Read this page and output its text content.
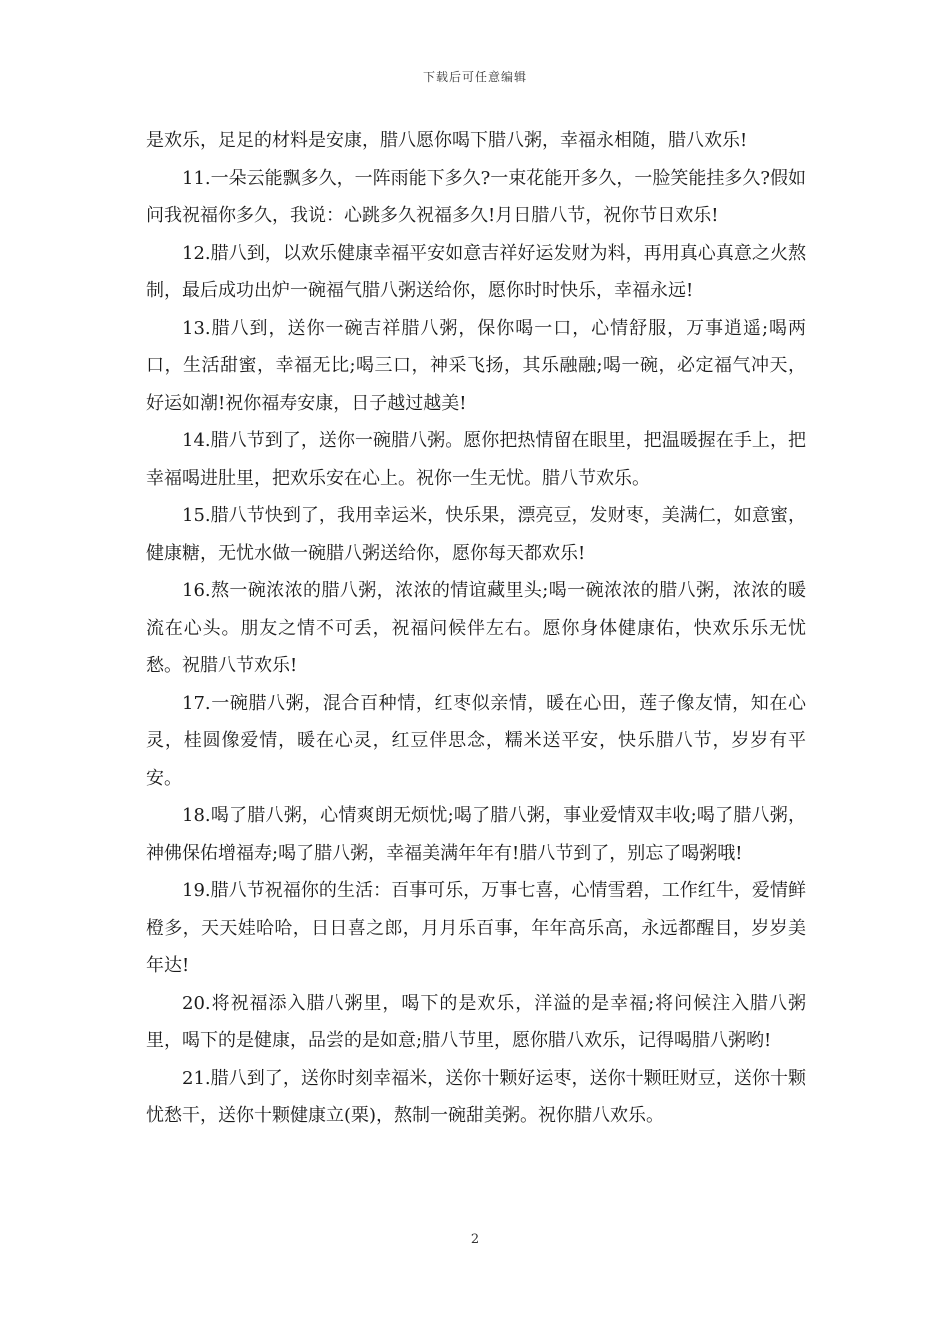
下载后可任意编辑

是欢乐，足足的材料是安康，腊八愿你喝下腊八粥，幸福永相随，腊八欢乐!

11.一朵云能飘多久，一阵雨能下多久?一束花能开多久，一脸笑能挂多久?假如问我祝福你多久，我说：心跳多久祝福多久!月日腊八节，祝你节日欢乐!

12.腊八到，以欢乐健康幸福平安如意吉祥好运发财为料，再用真心真意之火熬制，最后成功出炉一碗福气腊八粥送给你，愿你时时快乐，幸福永远!

13.腊八到，送你一碗吉祥腊八粥，保你喝一口，心情舒服，万事逍遥;喝两口，生活甜蜜，幸福无比;喝三口，神采飞扬，其乐融融;喝一碗，必定福气冲天，好运如潮!祝你福寿安康，日子越过越美!

14.腊八节到了，送你一碗腊八粥。愿你把热情留在眼里，把温暖握在手上，把幸福喝进肚里，把欢乐安在心上。祝你一生无忧。腊八节欢乐。

15.腊八节快到了，我用幸运米，快乐果，漂亮豆，发财枣，美满仁，如意蜜，健康糖，无忧水做一碗腊八粥送给你，愿你每天都欢乐!

16.熬一碗浓浓的腊八粥，浓浓的情谊藏里头;喝一碗浓浓的腊八粥，浓浓的暖流在心头。朋友之情不可丢，祝福问候伴左右。愿你身体健康佑，快欢乐乐无忧愁。祝腊八节欢乐!

17.一碗腊八粥，混合百种情，红枣似亲情，暖在心田，莲子像友情，知在心灵，桂圆像爱情，暖在心灵，红豆伴思念，糯米送平安，快乐腊八节，岁岁有平安。

18.喝了腊八粥，心情爽朗无烦忧;喝了腊八粥，事业爱情双丰收;喝了腊八粥，神佛保佑增福寿;喝了腊八粥，幸福美满年年有!腊八节到了，别忘了喝粥哦!

19.腊八节祝福你的生活：百事可乐，万事七喜，心情雪碧，工作红牛，爱情鲜橙多，天天娃哈哈，日日喜之郎，月月乐百事，年年高乐高，永远都醒目，岁岁美年达!

20.将祝福添入腊八粥里，喝下的是欢乐，洋溢的是幸福;将问候注入腊八粥里，喝下的是健康，品尝的是如意;腊八节里，愿你腊八欢乐，记得喝腊八粥哟!

21.腊八到了，送你时刻幸福米，送你十颗好运枣，送你十颗旺财豆，送你十颗忧愁干，送你十颗健康立(栗)，熬制一碗甜美粥。祝你腊八欢乐。

2
